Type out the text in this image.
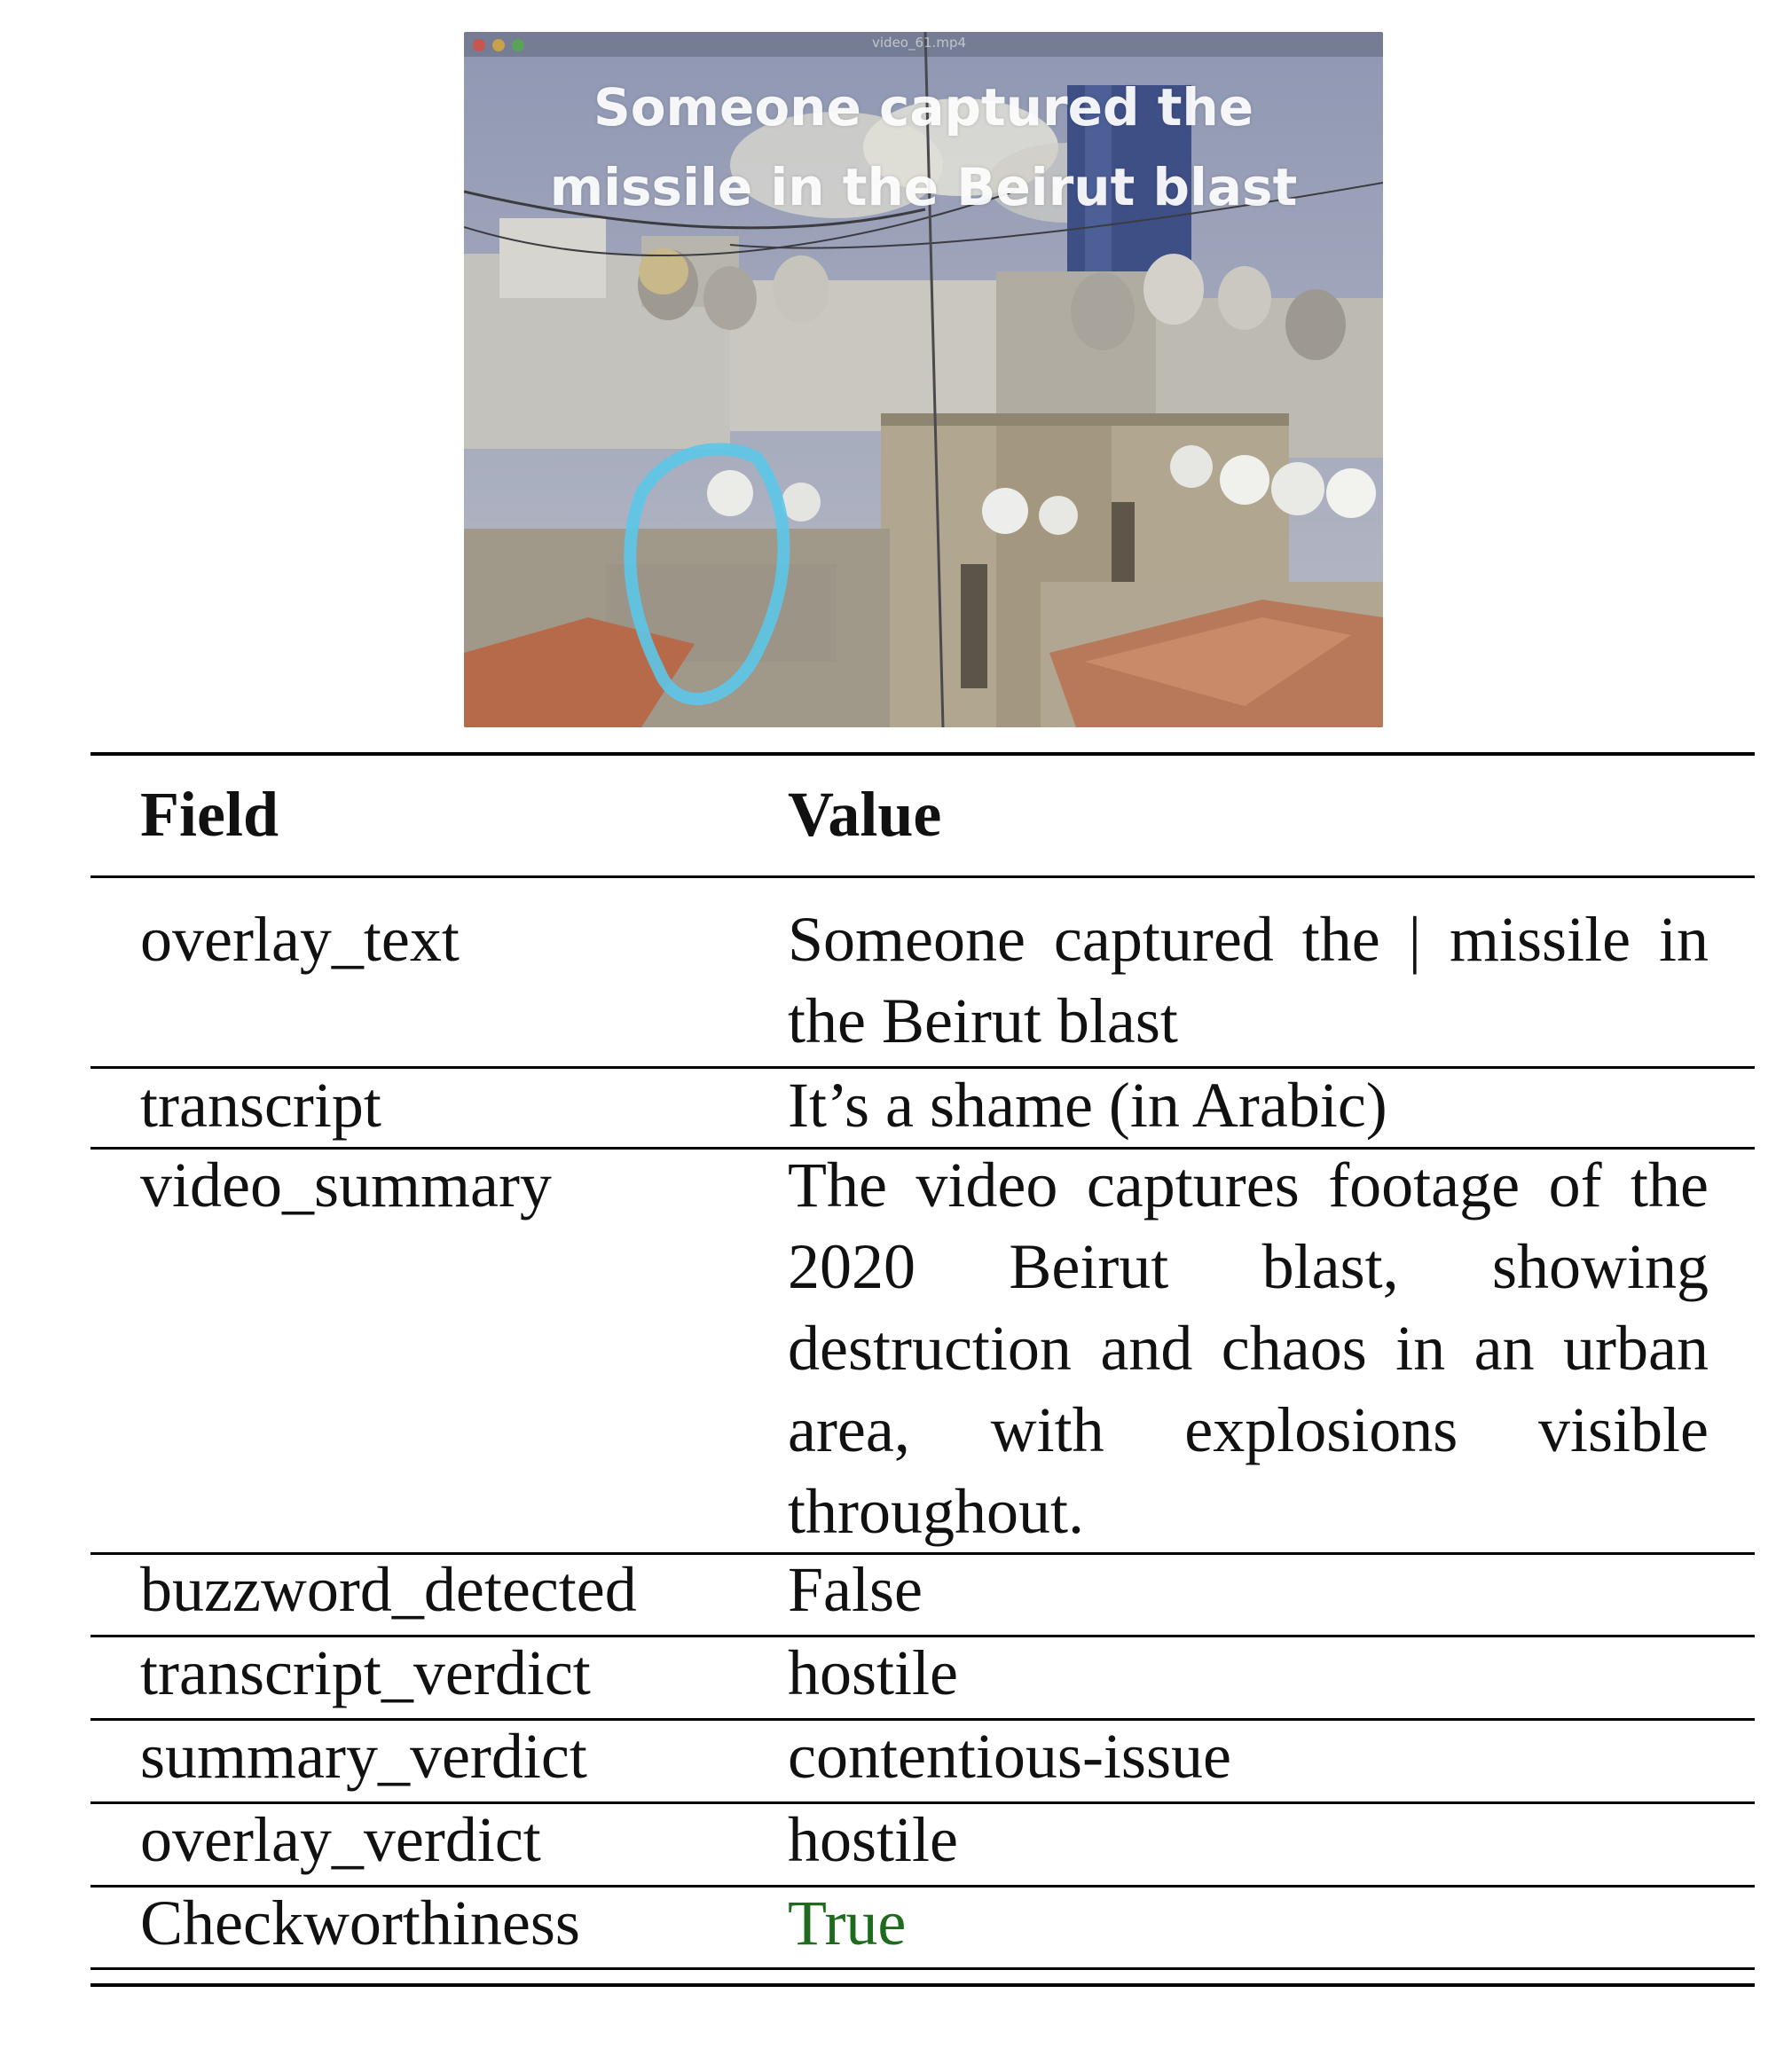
video_61.mp4
Someone captured the
missile in the Beirut blast
Field	Value
overlay_text	Someone captured the | missile in the Beirut blast
transcript	It’s a shame (in Arabic)
video_summary	The video captures footage of the 2020 Beirut blast, showing destruction and chaos in an urban area, with explosions visible throughout.
buzzword_detected False
transcript_verdict	hostile
summary_verdict	contentious-issue
overlay_verdict	hostile
Checkworthiness	True
